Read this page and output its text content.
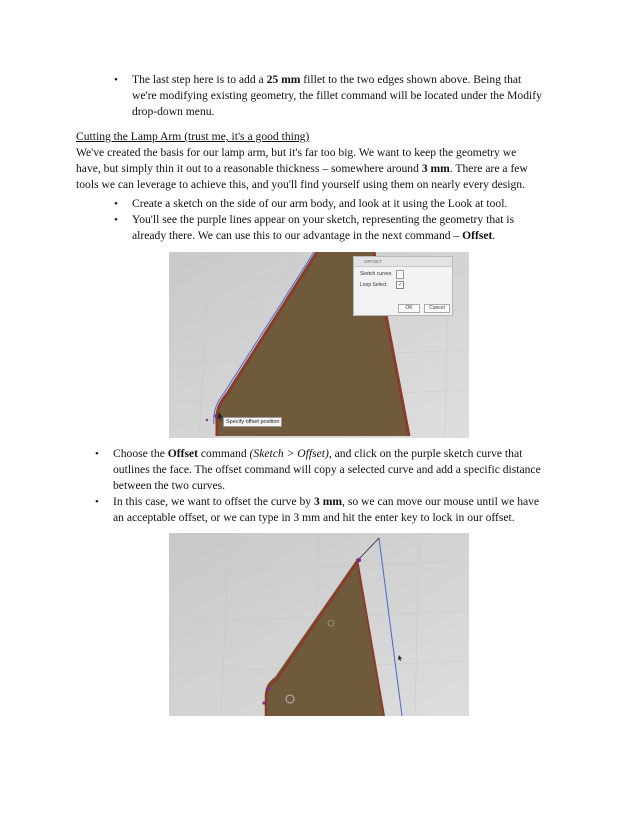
• The last step here is to add a 25 mm fillet to the two edges shown above. Being that
we're modifying existing geometry, the fillet command will be located under the Modify
drop-down menu.
Cutting the Lamp Arm (trust me, it's a good thing)
We've created the basis for our lamp arm, but it's far too big. We want to keep the geometry we
have, but simply thin it out to a reasonable thickness – somewhere around 3 mm. There are a few
tools we can leverage to achieve this, and you'll find yourself using them on nearly every design.
• Create a sketch on the side of our arm body, and look at it using the Look at tool.
• You'll see the purple lines appear on your sketch, representing the geometry that is
already there. We can use this to our advantage in the next command – Offset.
OFFSET
Sketch curves
Loop Select	✓
OK	Cancel
Specify offset position
• Choose the Offset command (Sketch > Offset), and click on the purple sketch curve that
outlines the face. The offset command will copy a selected curve and add a specific distance
between the two curves.
• In this case, we want to offset the curve by 3 mm, so we can move our mouse until we have
an acceptable offset, or we can type in 3 mm and hit the enter key to lock in our offset.
